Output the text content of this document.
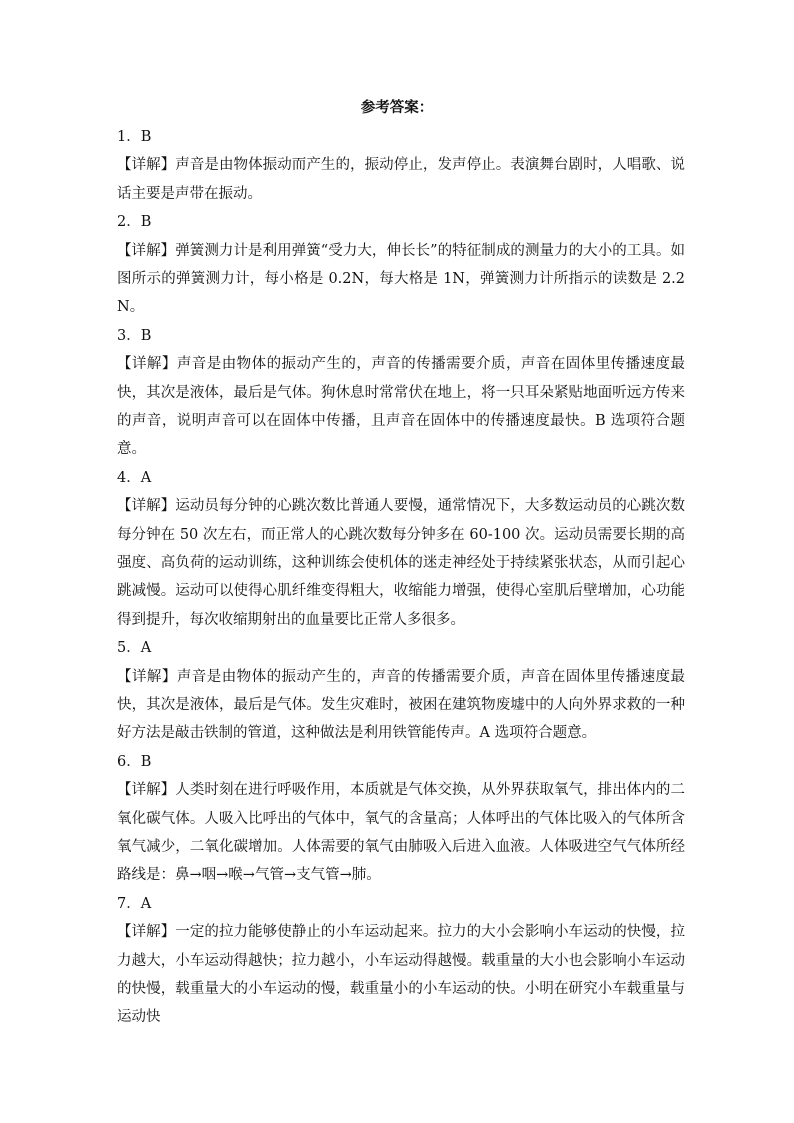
参考答案：

1．B

【详解】声音是由物体振动而产生的，振动停止，发声停止。表演舞台剧时，人唱歌、说话主要是声带在振动。

2．B

【详解】弹簧测力计是利用弹簧“受力大，伸长长”的特征制成的测量力的大小的工具。如图所示的弹簧测力计，每小格是 0.2N，每大格是 1N，弹簧测力计所指示的读数是 2.2N。

3．B

【详解】声音是由物体的振动产生的，声音的传播需要介质，声音在固体里传播速度最快，其次是液体，最后是气体。狗休息时常常伏在地上，将一只耳朵紧贴地面听远方传来的声音，说明声音可以在固体中传播，且声音在固体中的传播速度最快。B 选项符合题意。

4．A

【详解】运动员每分钟的心跳次数比普通人要慢，通常情况下，大多数运动员的心跳次数每分钟在 50 次左右，而正常人的心跳次数每分钟多在 60-100 次。运动员需要长期的高强度、高负荷的运动训练，这种训练会使机体的迷走神经处于持续紧张状态，从而引起心跳减慢。运动可以使得心肌纤维变得粗大，收缩能力增强，使得心室肌后壁增加，心功能得到提升，每次收缩期射出的血量要比正常人多很多。

5．A

【详解】声音是由物体的振动产生的，声音的传播需要介质，声音在固体里传播速度最快，其次是液体，最后是气体。发生灾难时，被困在建筑物废墟中的人向外界求救的一种好方法是敲击铁制的管道，这种做法是利用铁管能传声。A 选项符合题意。

6．B

【详解】人类时刻在进行呼吸作用，本质就是气体交换，从外界获取氧气，排出体内的二氧化碳气体。人吸入比呼出的气体中，氧气的含量高；人体呼出的气体比吸入的气体所含氧气减少，二氧化碳增加。人体需要的氧气由肺吸入后进入血液。人体吸进空气气体所经路线是：鼻→咽→喉→气管→支气管→肺。

7．A

【详解】一定的拉力能够使静止的小车运动起来。拉力的大小会影响小车运动的快慢，拉力越大，小车运动得越快；拉力越小，小车运动得越慢。载重量的大小也会影响小车运动的快慢，载重量大的小车运动的慢，载重量小的小车运动的快。小明在研究小车载重量与运动快
